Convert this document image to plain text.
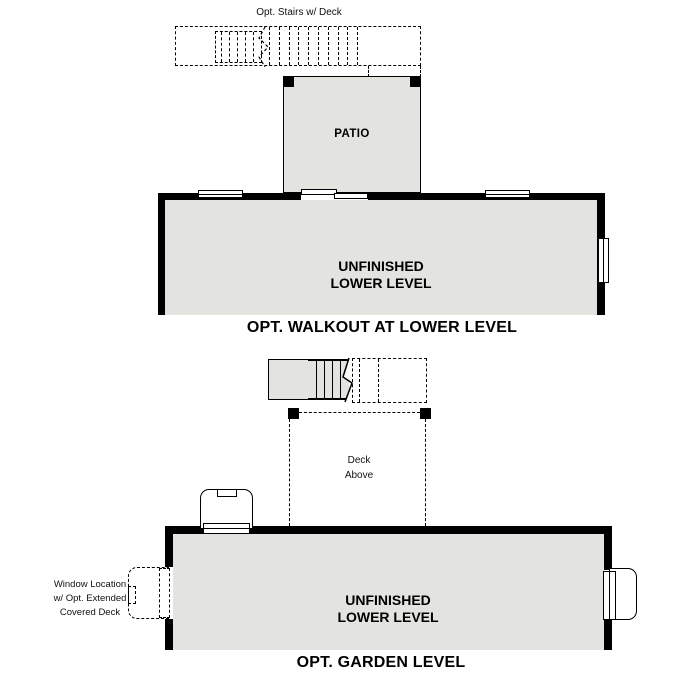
Opt. Stairs w/ Deck
PATIO
UNFINISHED
LOWER LEVEL
OPT. WALKOUT AT LOWER LEVEL
Deck
Above
Window Location
w/ Opt. Extended
Covered Deck
UNFINISHED
LOWER LEVEL
OPT. GARDEN LEVEL
